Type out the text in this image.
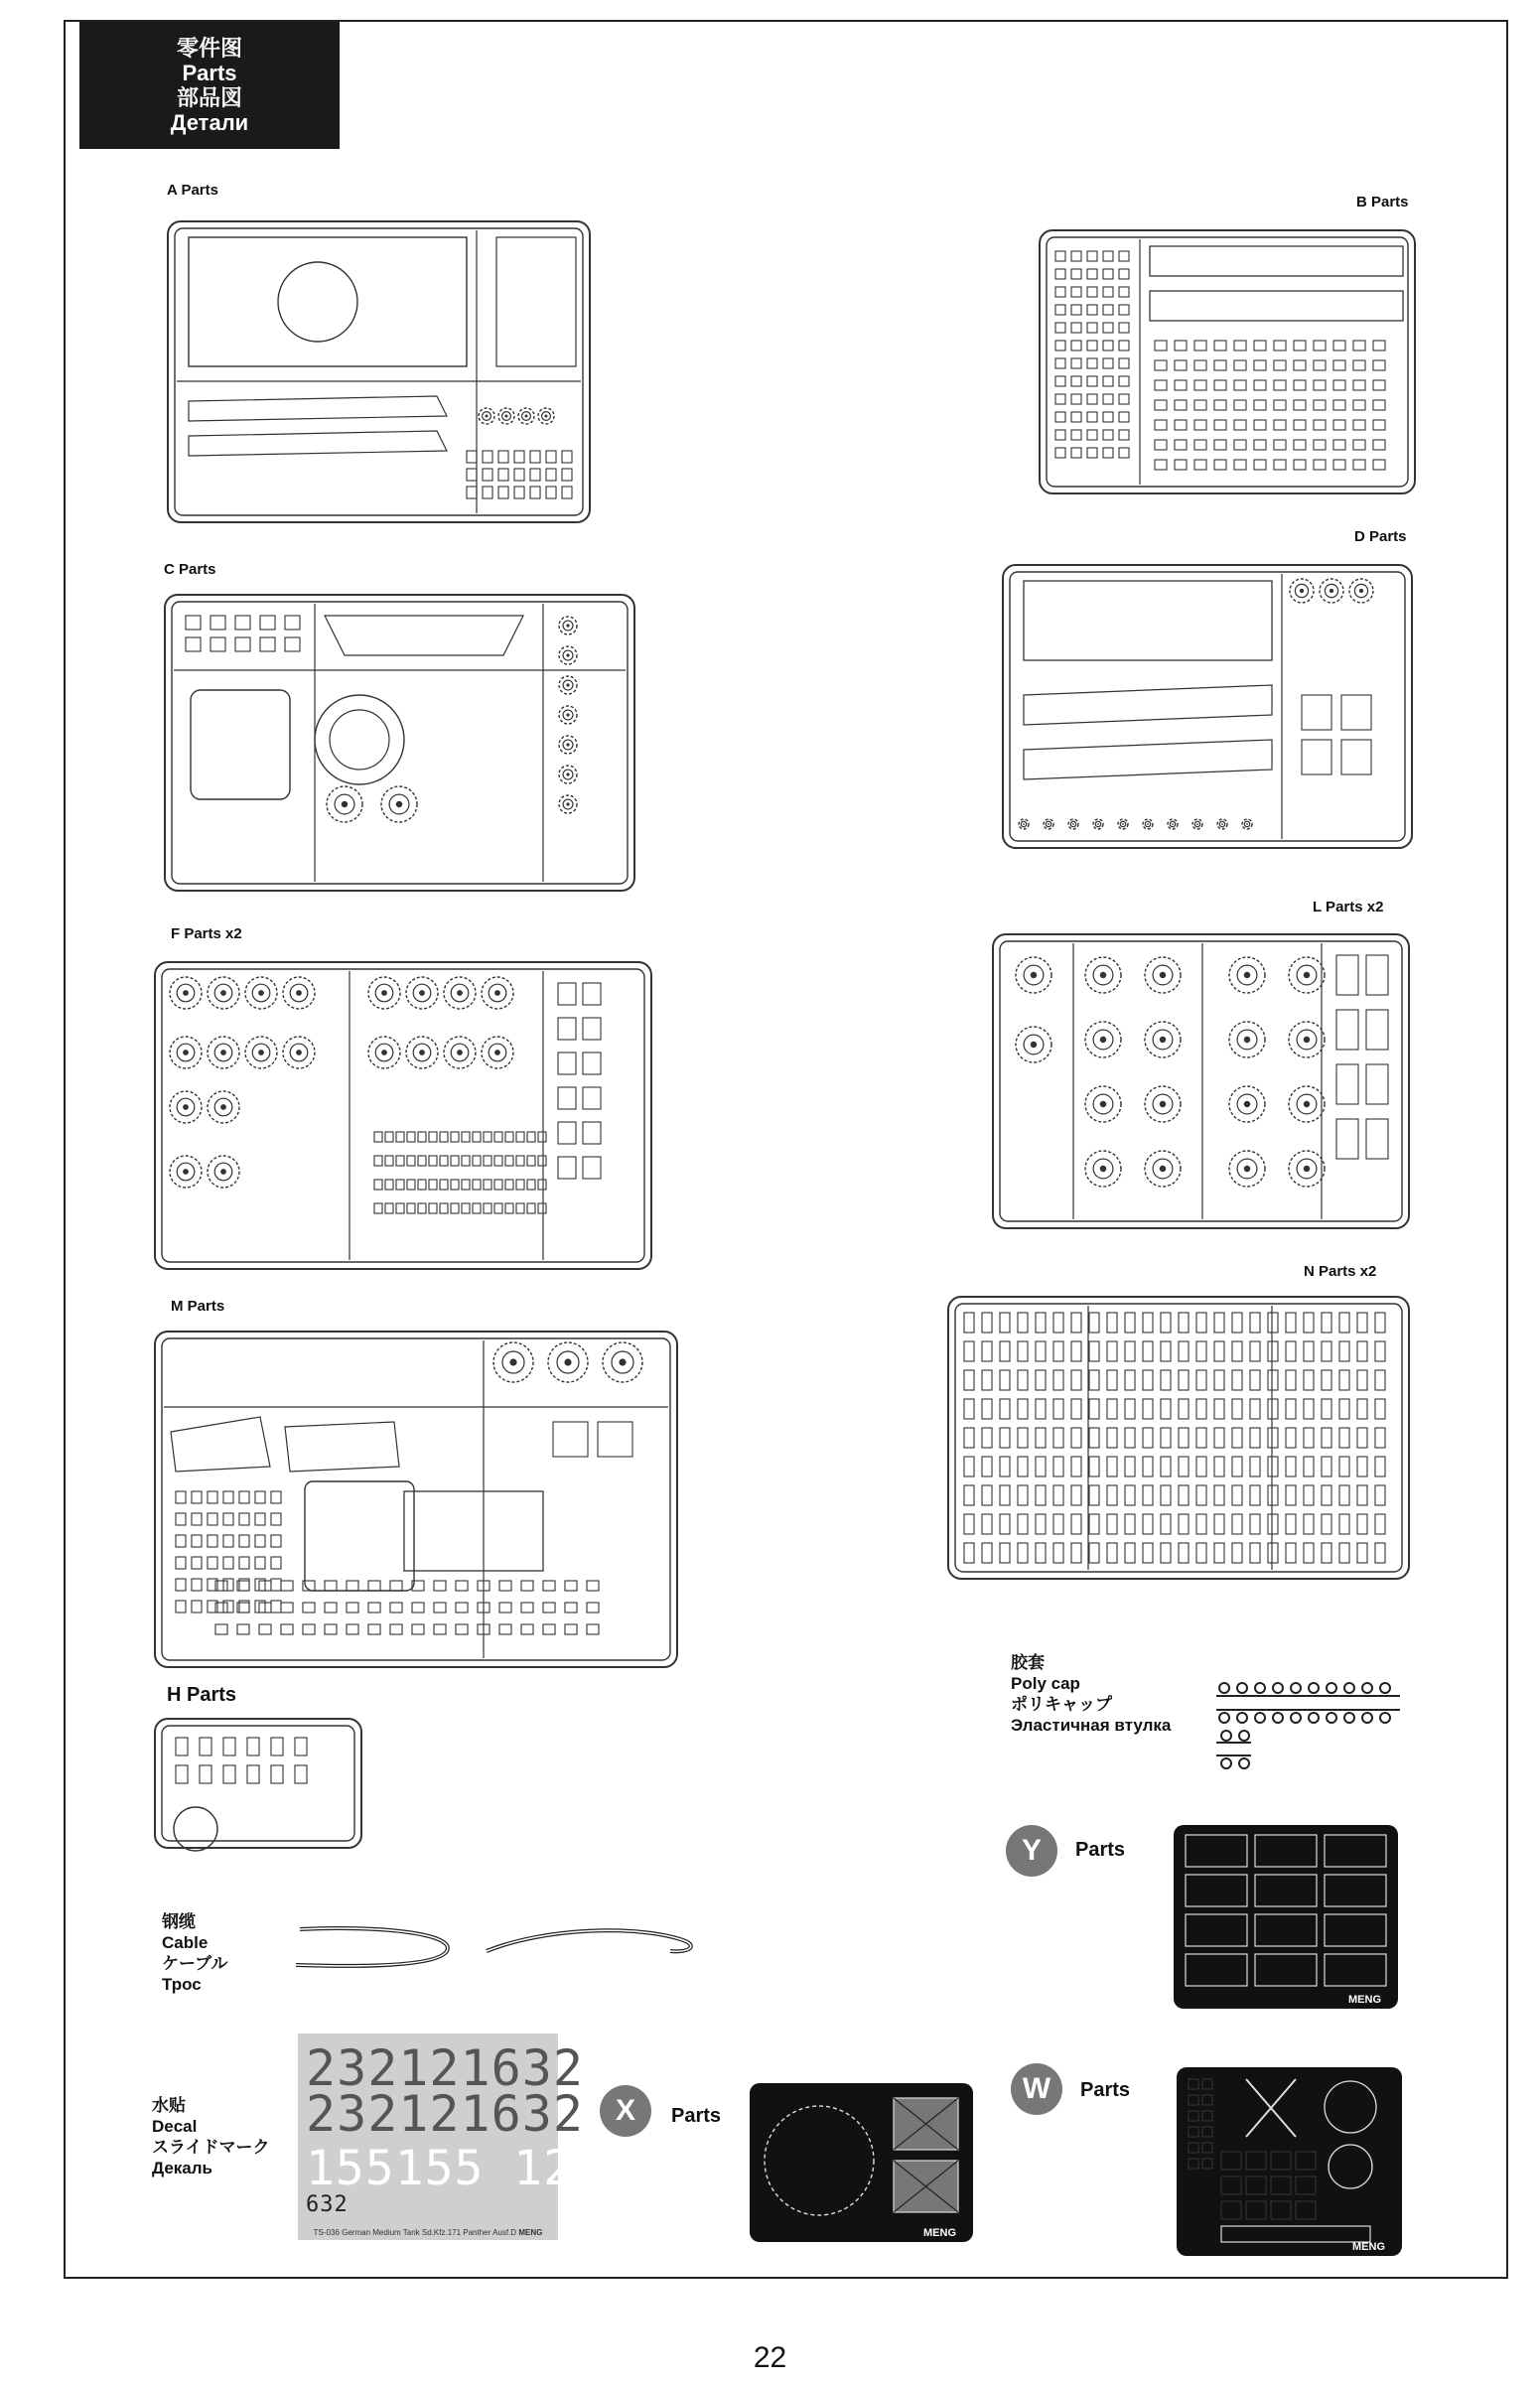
零件图
Parts
部品図
Детали
A Parts
B Parts
C Parts
D Parts
F Parts x2
L Parts x2
M Parts
N Parts x2
H Parts
胶套
Poly cap
ポリキャップ
Эластичная втулка
Y	Parts
MENG
钢缆
Cable
ケーブル
Трос
W	Parts
MENG
水贴
Decal
スライドマーク
Декаль
232121632
232121632
155155 121
632
TS-036 German Medium Tank Sd.Kfz.171 Panther Ausf.D MENG
X	Parts
MENG
22
